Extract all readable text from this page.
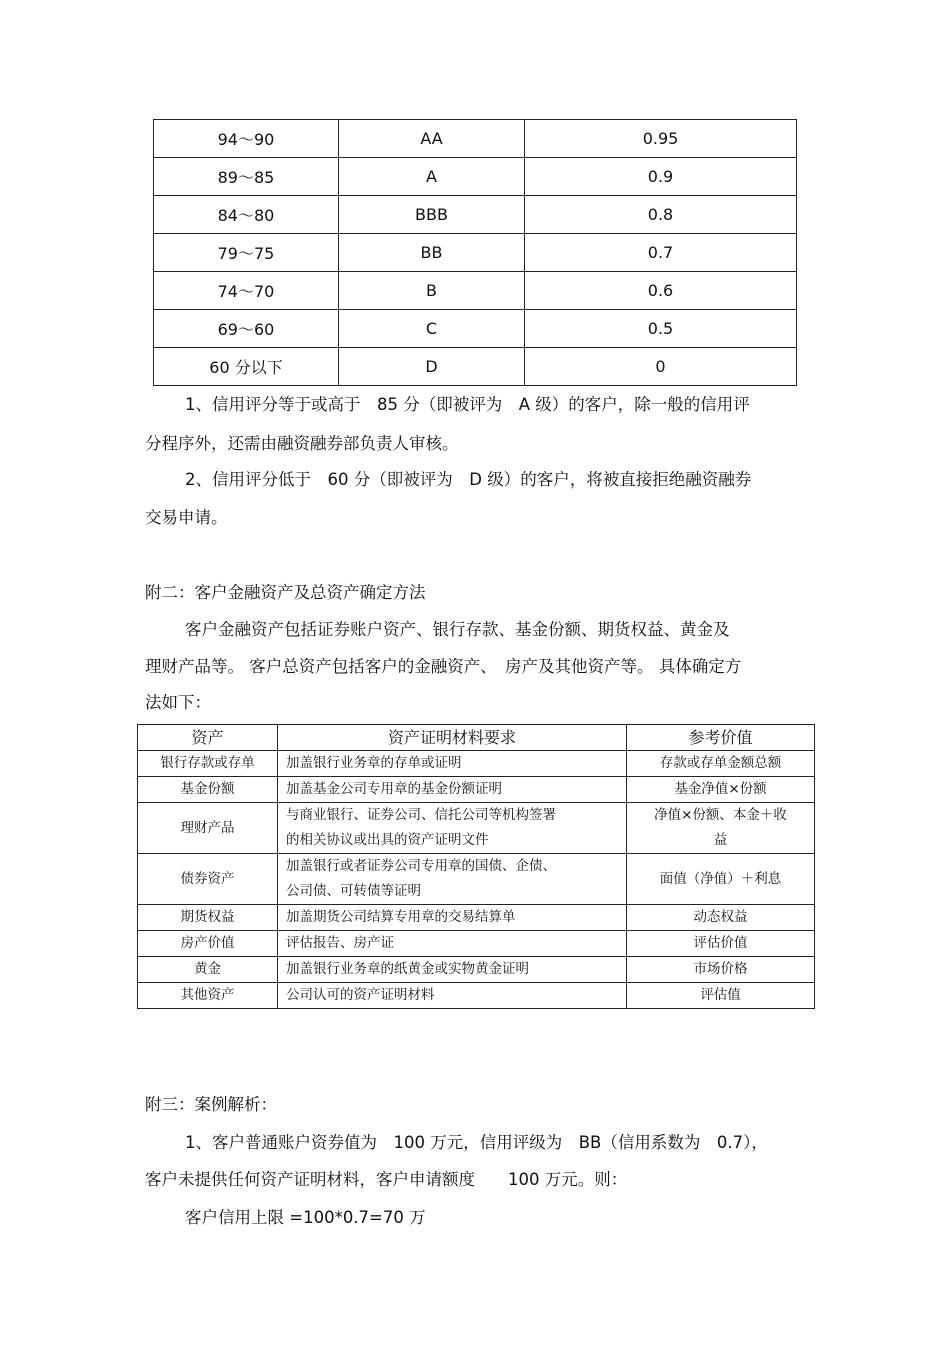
94～90	AA	0.95
89～85	A	0.9
84～80	BBB	0.8
79～75	BB	0.7
74～70	B	0.6
69～60	C	0.5
60 分以下	D	0
1、信用评分等于或高于　85 分（即被评为　A 级）的客户，除一般的信用评
分程序外，还需由融资融券部负责人审核。
2、信用评分低于　60 分（即被评为　D 级）的客户，将被直接拒绝融资融券
交易申请。
附二：客户金融资产及总资产确定方法
客户金融资产包括证券账户资产、银行存款、基金份额、期货权益、黄金及
理财产品等。 客户总资产包括客户的金融资产、　房产及其他资产等。 具体确定方
法如下：
资产	资产证明材料要求	参考价值
银行存款或存单	加盖银行业务章的存单或证明	存款或存单金额总额

基金份额	加盖基金公司专用章的基金份额证明	基金净值×份额

理财产品	与商业银行、证券公司、信托公司等机构签署
的相关协议或出具的资产证明文件	净值×份额、本金＋收
益

债券资产	加盖银行或者证券公司专用章的国债、企债、
公司债、可转债等证明	面值（净值）＋利息

期货权益	加盖期货公司结算专用章的交易结算单	动态权益

房产价值	评估报告、房产证	评估价值

黄金	加盖银行业务章的纸黄金或实物黄金证明	市场价格

其他资产	公司认可的资产证明材料	评估值
附三：案例解析：
1、客户普通账户资券值为　100 万元，信用评级为　BB（信用系数为　0.7），
客户未提供任何资产证明材料，客户申请额度　　100 万元。则：
客户信用上限 =100*0.7=70 万
